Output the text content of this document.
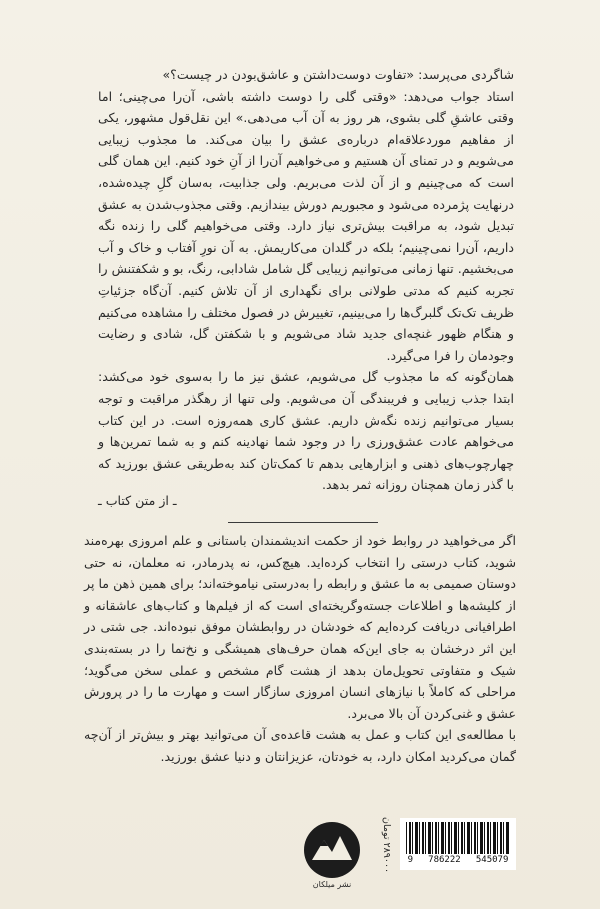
شاگردی می‌پرسد: «تفاوت دوست‌داشتن و عاشق‌بودن در چیست؟»

استاد جواب می‌دهد: «وقتی گلی را دوست داشته باشی، آن‌را می‌چینی؛ اما وقتی عاشقِ گلی بشوی، هر روز به آن آب می‌دهی.» این نقل‌قول مشهور، یکی از مفاهیم موردعلاقه‌ام درباره‌ی عشق را بیان می‌کند. ما مجذوب زیبایی می‌شویم و در تمنای آن هستیم و می‌خواهیم آن‌را از آنِ خود کنیم. این همان گلی است که می‌چینیم و از آن لذت می‌بریم. ولی جذابیت، به‌سان گلِ چیده‌شده، درنهایت پژمرده می‌شود و مجبوریم دورش بیندازیم. وقتی مجذوب‌شدن به عشق تبدیل شود، به مراقبت بیش‌تری نیاز دارد. وقتی می‌خواهیم گلی را زنده نگه داریم، آن‌را نمی‌چینیم؛ بلکه در گلدان می‌کاریمش. به آن نورِ آفتاب و خاک و آب می‌بخشیم. تنها زمانی می‌توانیم زیبایی گل شامل شادابی، رنگ، بو و شکفتنش را تجربه کنیم که مدتی طولانی برای نگهداری از آن تلاش کنیم. آن‌گاه جزئیاتِ ظریف تک‌تک گلبرگ‌ها را می‌بینیم، تغییرش در فصول مختلف را مشاهده می‌کنیم و هنگام ظهور غنچه‌ای جدید شاد می‌شویم و با شکفتن گل، شادی و رضایت وجودمان را فرا می‌گیرد.

همان‌گونه که ما مجذوب گل می‌شویم، عشق نیز ما را به‌سوی خود می‌کشد: ابتدا جذب زیبایی و فریبندگی آن می‌شویم. ولی تنها از رهگذر مراقبت و توجه بسیار می‌توانیم زنده نگه‌ش داریم. عشق کاری همه‌روزه است. در این کتاب می‌خواهم عادت عشق‌ورزی را در وجود شما نهادینه کنم و به شما تمرین‌ها و چهارچوب‌های ذهنی و ابزارهایی بدهم تا کمک‌تان کند به‌طریقی عشق بورزید که با گذر زمان همچنان روزانه ثمر بدهد.

ـ از متن کتاب ـ

اگر می‌خواهید در روابط خود از حکمت اندیشمندان باستانی و علم امروزی بهره‌مند شوید، کتاب درستی را انتخاب کرده‌اید. هیچ‌کس، نه پدرمادر، نه معلمان، نه حتی دوستان صمیمی به ما عشق و رابطه را به‌درستی نیاموخته‌اند؛ برای همین ذهن ما پر از کلیشه‌ها و اطلاعات جسته‌وگریخته‌ای است که از فیلم‌ها و کتاب‌های عاشقانه و اطرافیانی دریافت کرده‌ایم که خودشان در روابطشان موفق نبوده‌اند. جی شتی در این اثر درخشان به جای این‌که همان حرف‌های همیشگی و نخ‌نما را در بسته‌بندی شیک و متفاوتی تحویل‌مان بدهد از هشت گام مشخص و عملی سخن می‌گوید؛ مراحلی که کاملاً با نیازهای انسان امروزی سازگار است و مهارت ما را در پرورش عشق و غنی‌کردن آن بالا می‌برد.

با مطالعه‌ی این کتاب و عمل به هشت قاعده‌ی آن می‌توانید بهتر و بیش‌تر از آن‌چه گمان می‌کردید امکان دارد، به خودتان، عزیزانتان و دنیا عشق بورزید.

نشر میلکان
۲۸۹۰۰۰ تومان 9 786222 545079
